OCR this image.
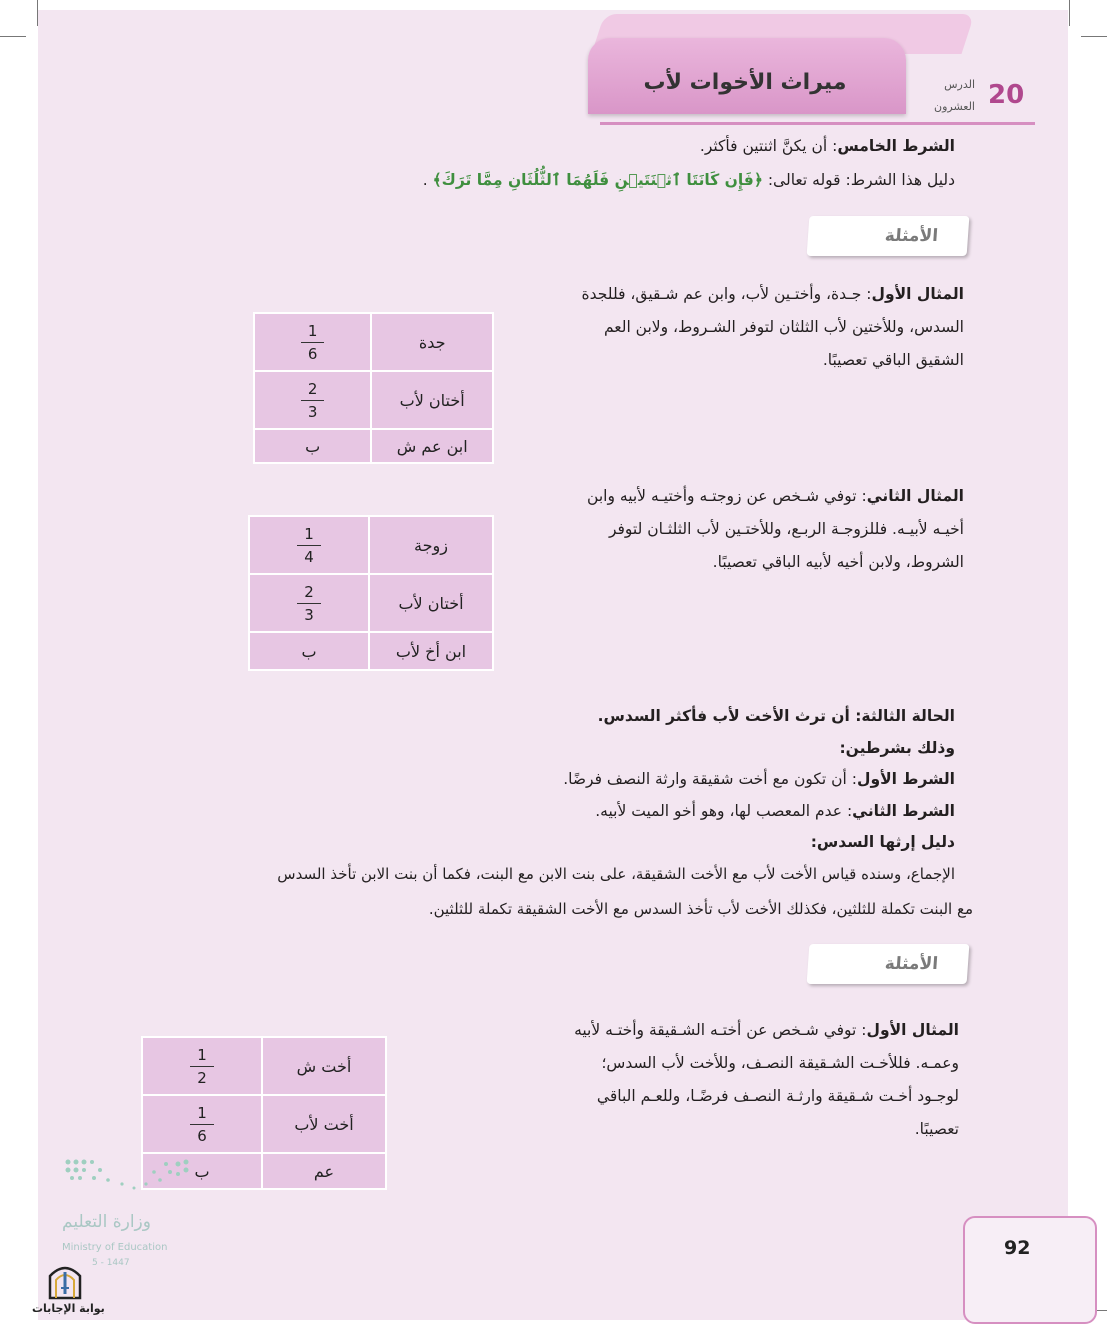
ميراث الأخوات لأب	الدرس
العشرون 20
الشرط الخامس: أن يكنَّ اثنتين فأكثر.
دليل هذا الشرط: قوله تعالى: ﴿فَإِن كَانَتَا ٱثۡنَتَيۡنِ فَلَهُمَا ٱلثُّلُثَانِ مِمَّا تَرَكَ﴾ .
الأمثلة
المثال الأول: جـدة، وأختـين لأب، وابن عم شـقيق، فللجدة
السدس، وللأختين لأب الثلثان لتوفر الشـروط، ولابن العم
الشقيق الباقي تعصيبًا.
جدة	$\frac{1}{6}$

أختان لأب	$\frac{2}{3}$

ابن عم ش	ب
المثال الثاني: توفي شـخص عن زوجتـه وأختيـه لأبيه وابن
أخيـه لأبيـه. فللزوجـة الربـع، وللأختـين لأب الثلثـان لتوفر
الشروط، ولابن أخيه لأبيه الباقي تعصيبًا.
زوجة	$\frac{1}{4}$

أختان لأب	$\frac{2}{3}$

ابن أخ لأب	ب
الحالة الثالثة: أن ترث الأخت لأب فأكثر السدس.
وذلك بشرطين:
الشرط الأول: أن تكون مع أخت شقيقة وارثة النصف فرضًا.
الشرط الثاني: عدم المعصب لها، وهو أخو الميت لأبيه.
دليل إرثها السدس:
الإجماع، وسنده قياس الأخت لأب مع الأخت الشقيقة، على بنت الابن مع البنت، فكما أن بنت الابن تأخذ السدس
مع البنت تكملة للثلثين، فكذلك الأخت لأب تأخذ السدس مع الأخت الشقيقة تكملة للثلثين.
الأمثلة
المثال الأول: توفي شـخص عن أختـه الشـقيقة وأختـه لأبيه
وعمـه. فللأخـت الشـقيقة النصـف، وللأخت لأب السدس؛
لوجـود أخـت شـقيقة وارثـة النصـف فرضًـا، وللعـم الباقي
تعصيبًا.
أخت ش	$\frac{1}{2}$

أخت لأب	$\frac{1}{6}$

عم	ب
وزارة التعليم
Ministry of Education
5 - 1447
92
بوابة الإجابات
